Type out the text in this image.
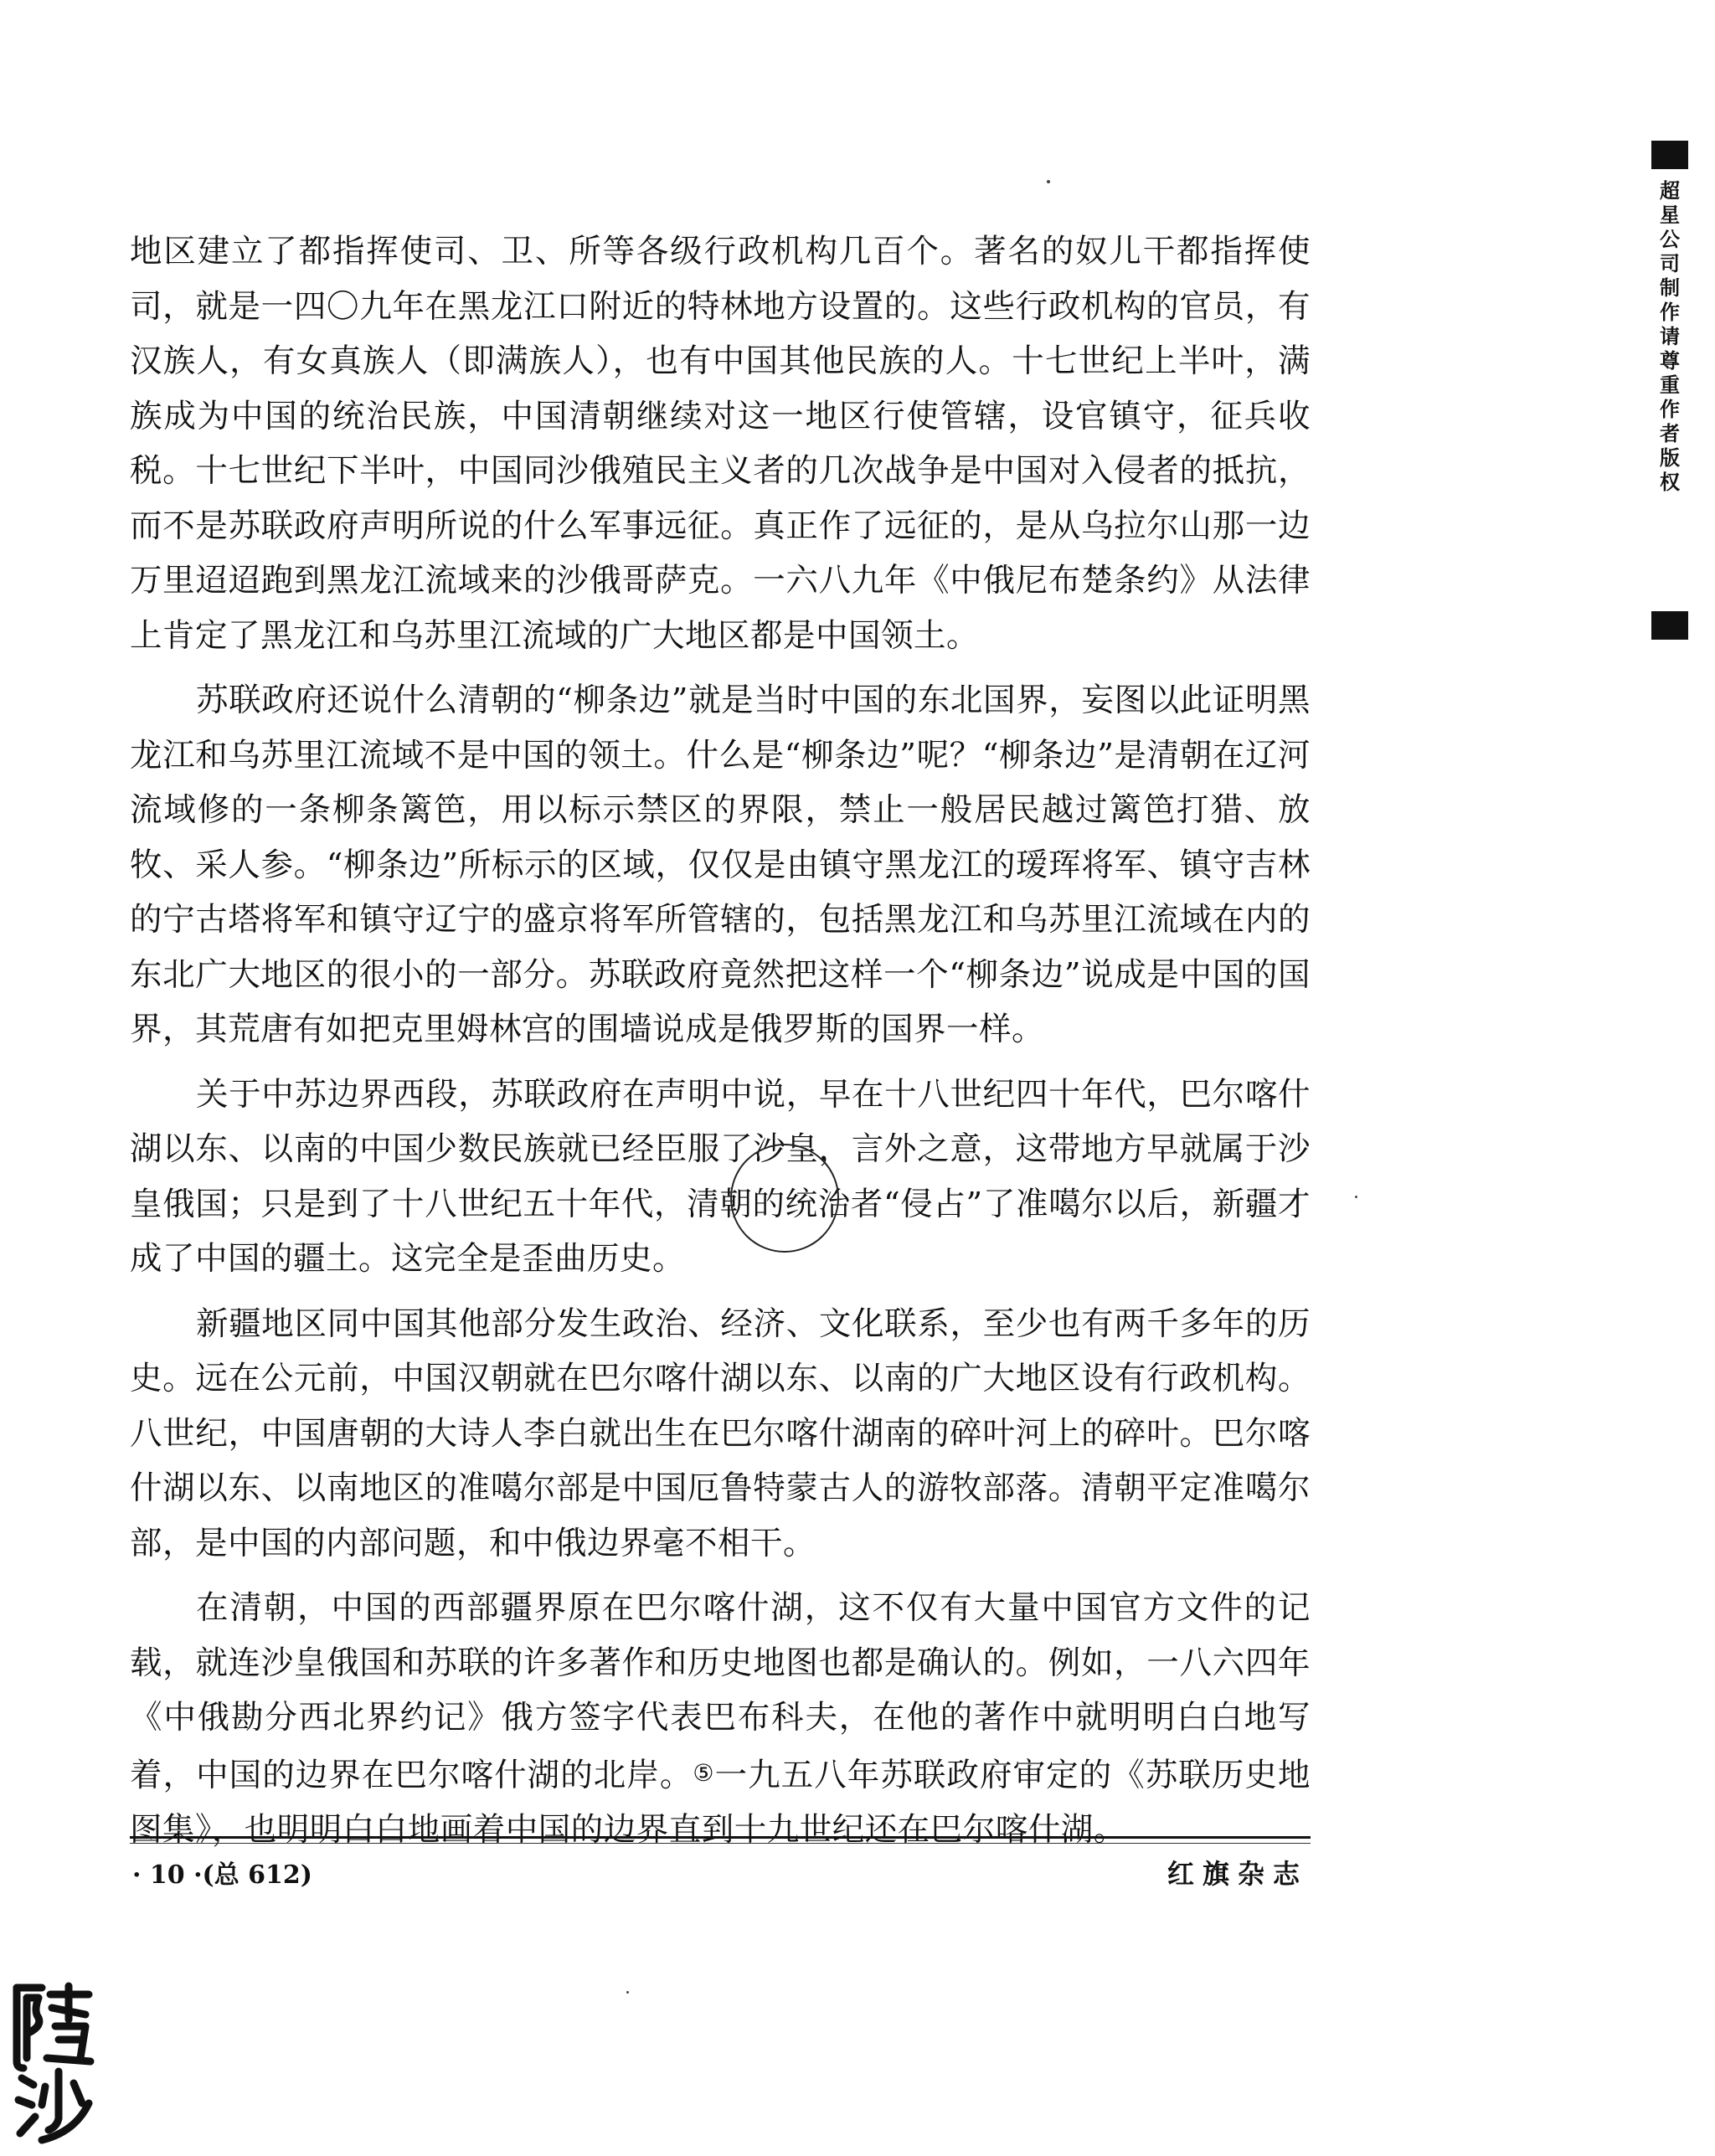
地区建立了都指挥使司、卫、所等各级行政机构几百个。著名的奴儿干都指挥使司，就是一四〇九年在黑龙江口附近的特林地方设置的。这些行政机构的官员，有汉族人，有女真族人（即满族人），也有中国其他民族的人。十七世纪上半叶，满族成为中国的统治民族，中国清朝继续对这一地区行使管辖，设官镇守，征兵收税。十七世纪下半叶，中国同沙俄殖民主义者的几次战争是中国对入侵者的抵抗，而不是苏联政府声明所说的什么军事远征。真正作了远征的，是从乌拉尔山那一边万里迢迢跑到黑龙江流域来的沙俄哥萨克。一六八九年《中俄尼布楚条约》从法律上肯定了黑龙江和乌苏里江流域的广大地区都是中国领土。

苏联政府还说什么清朝的“柳条边”就是当时中国的东北国界，妄图以此证明黑龙江和乌苏里江流域不是中国的领土。什么是“柳条边”呢？“柳条边”是清朝在辽河流域修的一条柳条篱笆，用以标示禁区的界限，禁止一般居民越过篱笆打猎、放牧、采人参。“柳条边”所标示的区域，仅仅是由镇守黑龙江的瑷珲将军、镇守吉林的宁古塔将军和镇守辽宁的盛京将军所管辖的，包括黑龙江和乌苏里江流域在内的东北广大地区的很小的一部分。苏联政府竟然把这样一个“柳条边”说成是中国的国界，其荒唐有如把克里姆林宫的围墙说成是俄罗斯的国界一样。

关于中苏边界西段，苏联政府在声明中说，早在十八世纪四十年代，巴尔喀什湖以东、以南的中国少数民族就已经臣服了沙皇，言外之意，这带地方早就属于沙皇俄国；只是到了十八世纪五十年代，清朝的统治者“侵占”了准噶尔以后，新疆才成了中国的疆土。这完全是歪曲历史。

新疆地区同中国其他部分发生政治、经济、文化联系，至少也有两千多年的历史。远在公元前，中国汉朝就在巴尔喀什湖以东、以南的广大地区设有行政机构。八世纪，中国唐朝的大诗人李白就出生在巴尔喀什湖南的碎叶河上的碎叶。巴尔喀什湖以东、以南地区的准噶尔部是中国厄鲁特蒙古人的游牧部落。清朝平定准噶尔部，是中国的内部问题，和中俄边界毫不相干。

在清朝，中国的西部疆界原在巴尔喀什湖，这不仅有大量中国官方文件的记载，就连沙皇俄国和苏联的许多著作和历史地图也都是确认的。例如，一八六四年《中俄勘分西北界约记》俄方签字代表巴布科夫，在他的著作中就明明白白地写着，中国的边界在巴尔喀什湖的北岸。⑤一九五八年苏联政府审定的《苏联历史地图集》，也明明白白地画着中国的边界直到十九世纪还在巴尔喀什湖。

· 10 ·(总 612)	红旗杂志
超星公司制作请尊重作者版权
